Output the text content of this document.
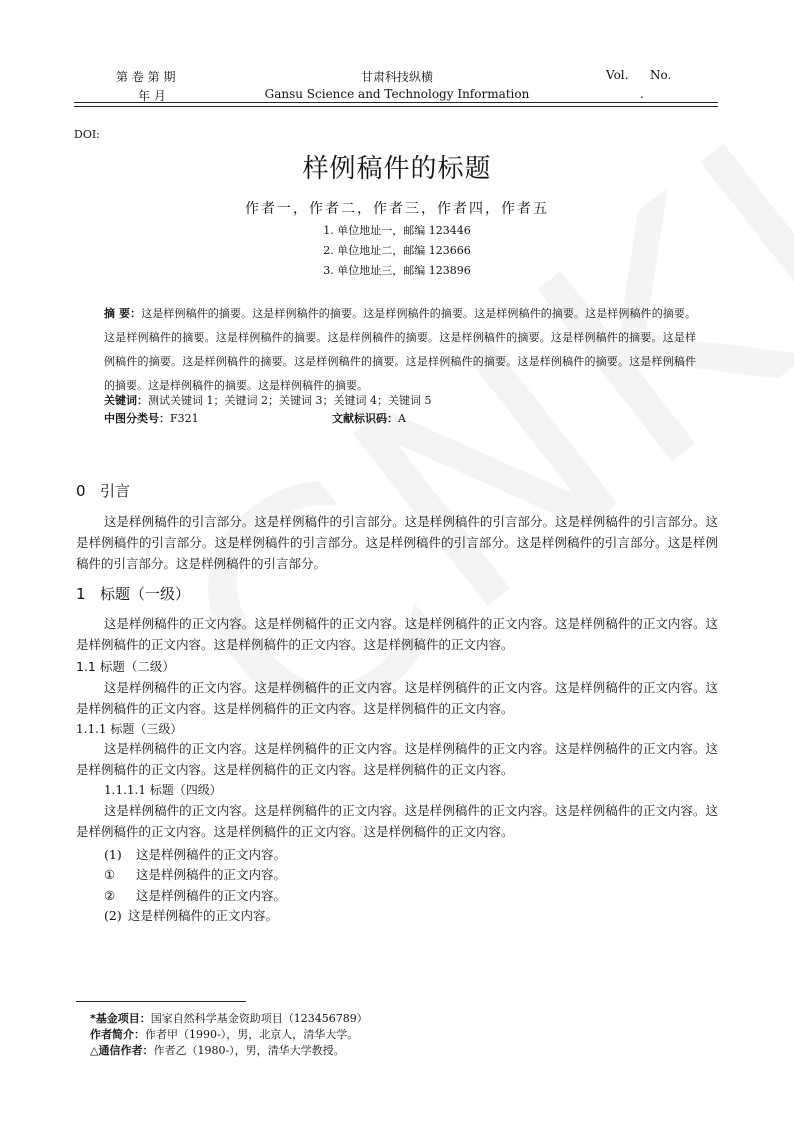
第 卷 第 期
年 月
甘肃科技纵横
Gansu Science and Technology Information
Vol. No.
.
DOI:
样例稿件的标题
作者一，作者二，作者三，作者四，作者五
1. 单位地址一，邮编 123446
2. 单位地址二，邮编 123666
3. 单位地址三，邮编 123896
摘 要：这是样例稿件的摘要。这是样例稿件的摘要。这是样例稿件的摘要。这是样例稿件的摘要。这是样例稿件的摘要。这是样例稿件的摘要。这是样例稿件的摘要。这是样例稿件的摘要。这是样例稿件的摘要。这是样例稿件的摘要。这是样例稿件的摘要。这是样例稿件的摘要。这是样例稿件的摘要。这是样例稿件的摘要。这是样例稿件的摘要。这是样例稿件的摘要。这是样例稿件的摘要。这是样例稿件的摘要。
关键词：测试关键词 1；关键词 2；关键词 3；关键词 4；关键词 5
中图分类号：F321	文献标识码：A
0 引言
这是样例稿件的引言部分。这是样例稿件的引言部分。这是样例稿件的引言部分。这是样例稿件的引言部分。这是样例稿件的引言部分。这是样例稿件的引言部分。这是样例稿件的引言部分。这是样例稿件的引言部分。这是样例稿件的引言部分。这是样例稿件的引言部分。
1 标题（一级）
这是样例稿件的正文内容。这是样例稿件的正文内容。这是样例稿件的正文内容。这是样例稿件的正文内容。这是样例稿件的正文内容。这是样例稿件的正文内容。这是样例稿件的正文内容。
1.1 标题（二级）
这是样例稿件的正文内容。这是样例稿件的正文内容。这是样例稿件的正文内容。这是样例稿件的正文内容。这是样例稿件的正文内容。这是样例稿件的正文内容。这是样例稿件的正文内容。
1.1.1 标题（三级）
这是样例稿件的正文内容。这是样例稿件的正文内容。这是样例稿件的正文内容。这是样例稿件的正文内容。这是样例稿件的正文内容。这是样例稿件的正文内容。这是样例稿件的正文内容。
1.1.1.1 标题（四级）
这是样例稿件的正文内容。这是样例稿件的正文内容。这是样例稿件的正文内容。这是样例稿件的正文内容。这是样例稿件的正文内容。这是样例稿件的正文内容。这是样例稿件的正文内容。
(1) 这是样例稿件的正文内容。
① 这是样例稿件的正文内容。
② 这是样例稿件的正文内容。
(2) 这是样例稿件的正文内容。
*基金项目：国家自然科学基金资助项目（123456789）
作者简介：作者甲（1990-），男，北京人，清华大学。
△通信作者：作者乙（1980-），男，清华大学教授。
